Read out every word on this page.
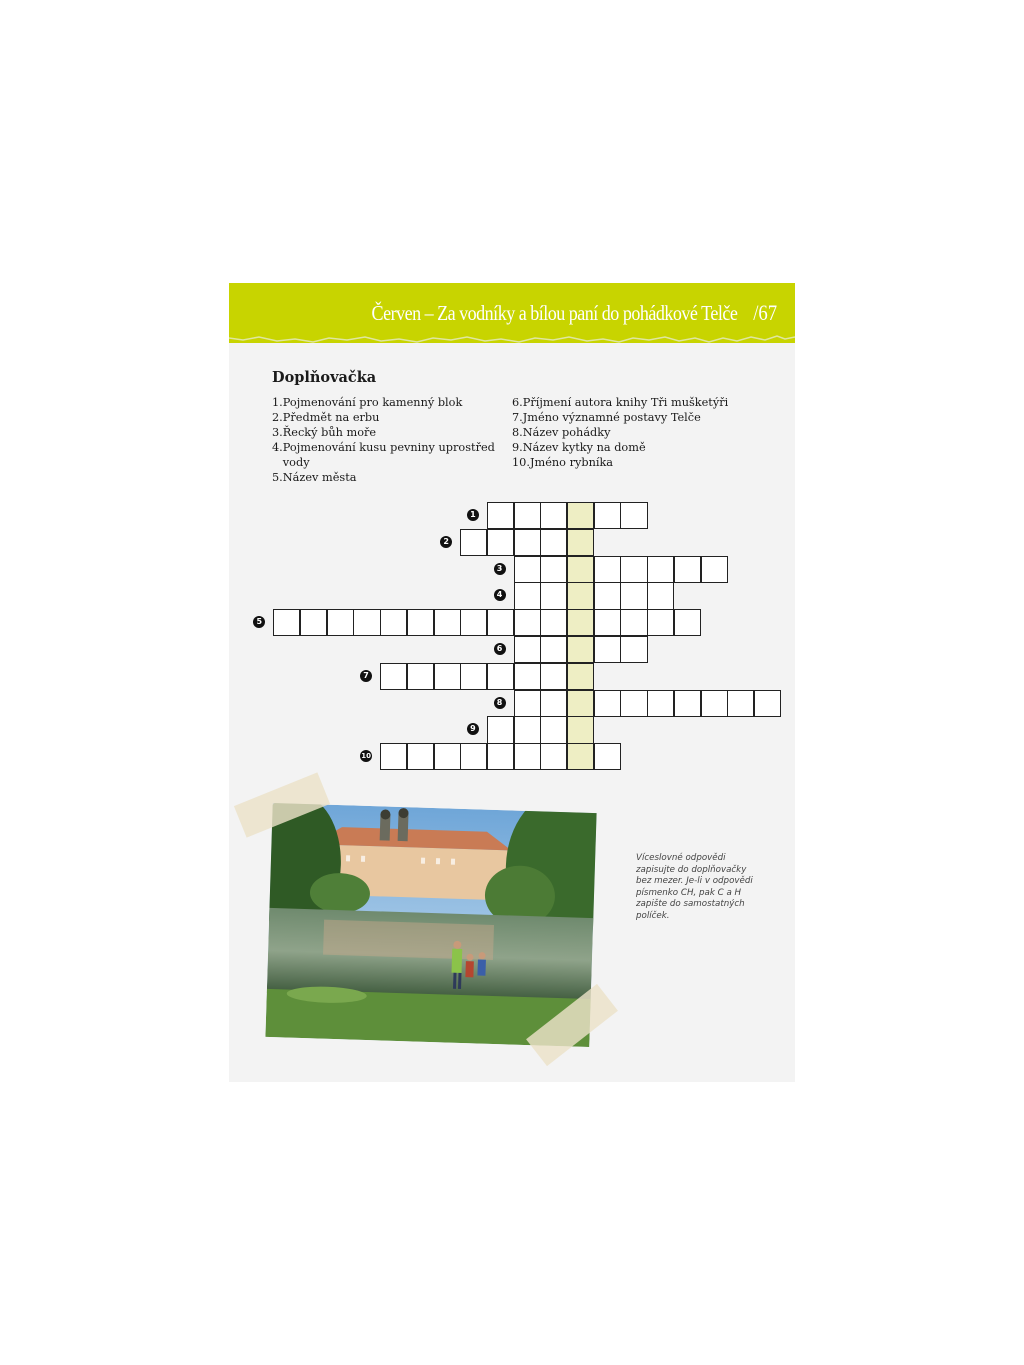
Červen – Za vodníky a bílou paní do pohádkové Telče /67
Doplňovačka
1. Pojmenování pro kamenný blok
2. Předmět na erbu
3. Řecký bůh moře
4. Pojmenování kusu pevniny uprostřed vody
5. Název města
6. Příjmení autora knihy Tři mušketýři
7. Jméno významné postavy Telče
8. Název pohádky
9. Název kytky na domě
10. Jméno rybníka
1
2
3
4
5
6
7
8
9
10
Víceslovné odpovědi zapisujte do doplňovačky bez mezer. Je-li v odpovědi písmenko CH, pak C a H zapište do samostatných políček.
